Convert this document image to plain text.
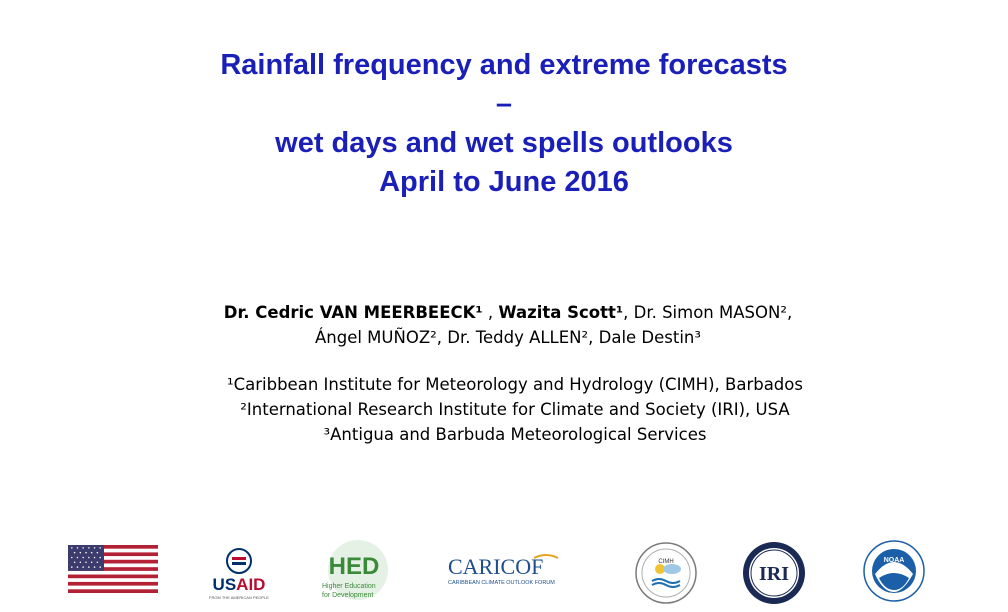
Rainfall frequency and extreme forecasts
–
wet days and wet spells outlooks
April to June 2016
Dr. Cedric VAN MEERBEECK¹ , Wazita Scott¹, Dr. Simon MASON²,
Ángel MUÑOZ², Dr. Teddy ALLEN², Dale Destin³
¹Caribbean Institute for Meteorology and Hydrology (CIMH), Barbados
²International Research Institute for Climate and Society (IRI), USA
³Antigua and Barbuda Meteorological Services
USAID
FROM THE AMERICAN PEOPLE
HED
Higher Education
for Development
CARICOF
CARIBBEAN CLIMATE OUTLOOK FORUM
CIMH
IRI
NOAA
